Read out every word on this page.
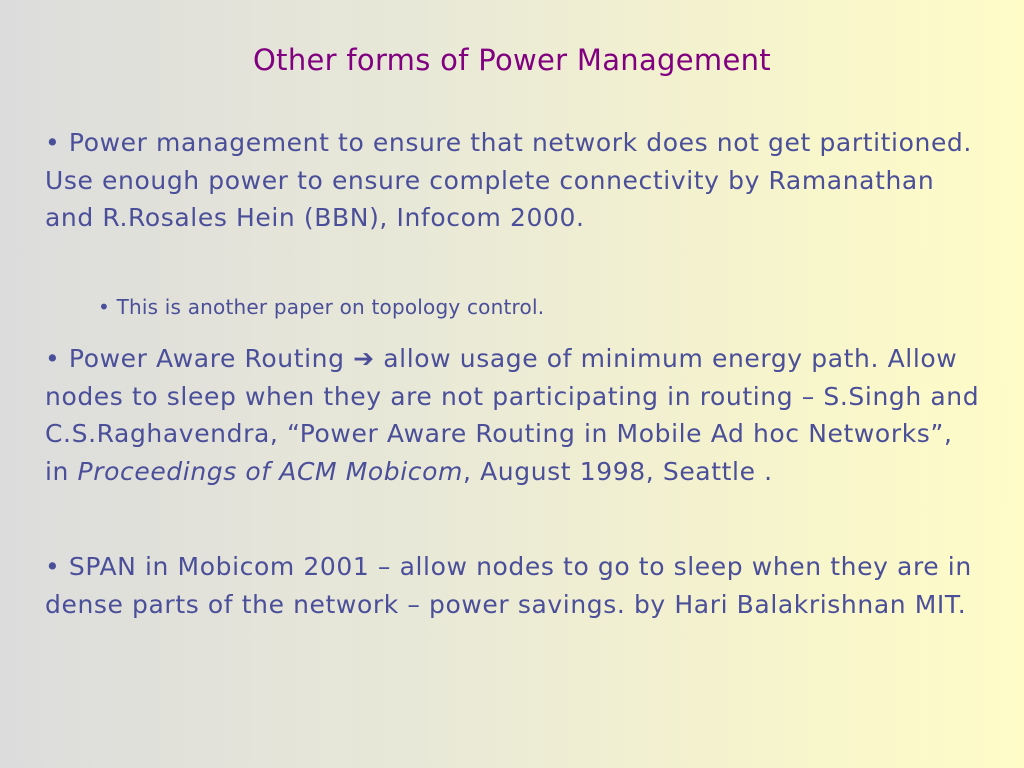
Other forms of Power Management

• Power management to ensure that network does not get partitioned. Use enough power to ensure complete connectivity by Ramanathan and R.Rosales Hein (BBN), Infocom 2000.

• This is another paper on topology control.

• Power Aware Routing ➔ allow usage of minimum energy path. Allow nodes to sleep when they are not participating in routing – S.Singh and C.S.Raghavendra, “Power Aware Routing in Mobile Ad hoc Networks”, in Proceedings of ACM Mobicom, August 1998, Seattle .

• SPAN in Mobicom 2001 – allow nodes to go to sleep when they are in dense parts of the network – power savings. by Hari Balakrishnan MIT.
